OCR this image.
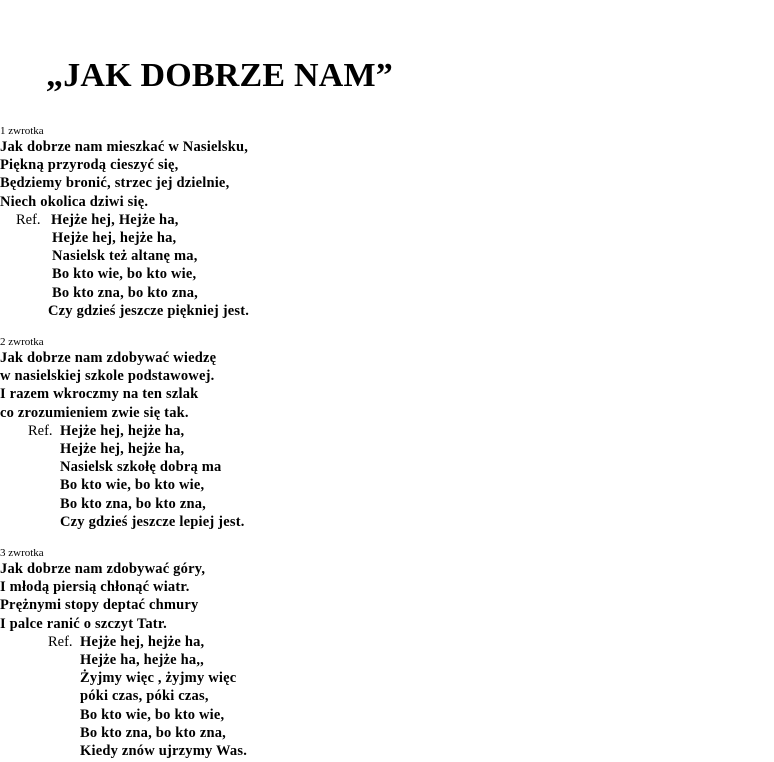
„JAK DOBRZE NAM”
1 zwrotka
Jak dobrze nam mieszkać w Nasielsku,
Piękną przyrodą cieszyć się,
Będziemy bronić, strzec jej dzielnie,
Niech okolica dziwi się.
Ref. Hejże hej, Hejże ha,
Hejże hej, hejże ha,
Nasielsk też altanę ma,
Bo kto wie, bo kto wie,
Bo kto zna, bo kto zna,
Czy gdzieś jeszcze piękniej jest.
2 zwrotka
Jak dobrze nam zdobywać wiedzę
w nasielskiej szkole podstawowej.
I razem wkroczmy na ten szlak
co zrozumieniem zwie się tak.
Ref. Hejże hej, hejże ha,
Hejże hej, hejże ha,
Nasielsk szkołę dobrą ma
Bo kto wie, bo kto wie,
Bo kto zna, bo kto zna,
Czy gdzieś jeszcze lepiej jest.
3 zwrotka
Jak dobrze nam zdobywać góry,
I młodą piersią chłonąć wiatr.
Prężnymi stopy deptać chmury
I palce ranić o szczyt Tatr.
Ref. Hejże hej, hejże ha,
Hejże ha, hejże ha,,
Żyjmy więc , żyjmy więc
póki czas, póki czas,
Bo kto wie, bo kto wie,
Bo kto zna, bo kto zna,
Kiedy znów ujrzymy Was.
